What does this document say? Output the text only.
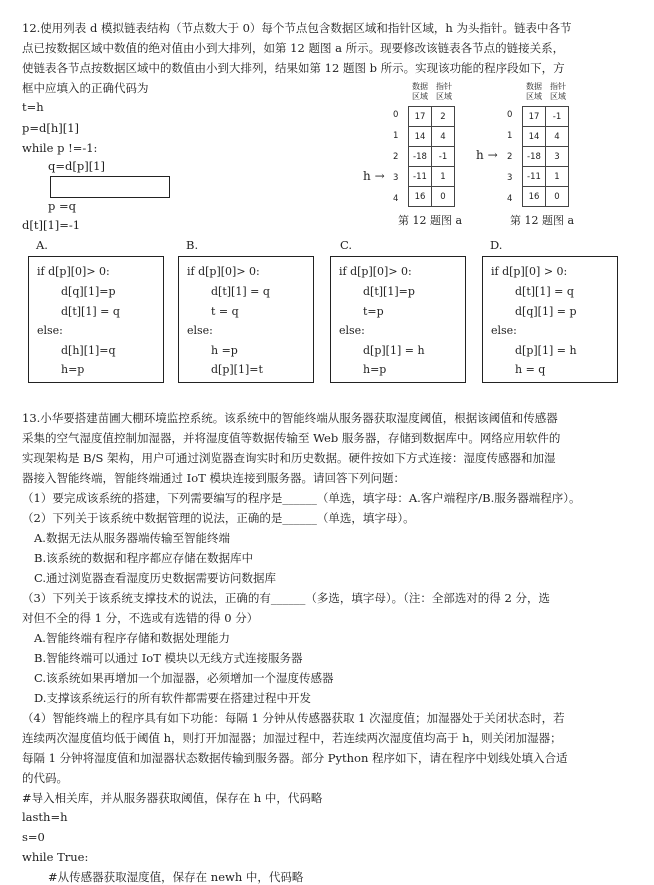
12.使用列表 d 模拟链表结构（节点数大于 0）每个节点包含数据区域和指针区域，h 为头指针。链表中各节
点已按数据区域中数值的绝对值由小到大排列，如第 12 题图 a 所示。现要修改该链表各节点的链接关系，
使链表各节点按数据区域中的数值由小到大排列，结果如第 12 题图 b 所示。实现该功能的程序段如下，方
框中应填入的正确代码为
t=h
p=d[h][1]
while p !=-1:
q=d[p][1]
p =q
d[t][1]=-1
数据
区域
指针
区域
17	2
14	4
-18	-1
-11	1
16	0
0
1
2
3
4
h →
第 12 题图 a
数据
区域
指针
区域
17	-1
14	4
-18	3
-11	1
16	0
0
1
2
3
4
h →
第 12 题图 a
A.	B.	C.	D.
if d[p][0]> 0:
d[q][1]=p
d[t][1] = q
else:
d[h][1]=q
h=p
if d[p][0]> 0:
d[t][1] = q
t = q
else:
h =p
d[p][1]=t
if d[p][0]> 0:
d[t][1]=p
t=p
else:
d[p][1] = h
h=p
if d[p][0] > 0:
d[t][1] = q
d[q][1] = p
else:
d[p][1] = h
h = q
13.小华要搭建苗圃大棚环境监控系统。该系统中的智能终端从服务器获取湿度阈值，根据该阈值和传感器
采集的空气湿度值控制加湿器，并将湿度值等数据传输至 Web 服务器，存储到数据库中。网络应用软件的
实现架构是 B/S 架构，用户可通过浏览器查询实时和历史数据。硬件按如下方式连接：湿度传感器和加湿
器接入智能终端，智能终端通过 IoT 模块连接到服务器。请回答下列问题：
（1）要完成该系统的搭建，下列需要编写的程序是______（单选，填字母：A.客户端程序/B.服务器端程序）。
（2）下列关于该系统中数据管理的说法，正确的是______（单选，填字母）。
A.数据无法从服务器端传输至智能终端
B.该系统的数据和程序都应存储在数据库中
C.通过浏览器查看湿度历史数据需要访问数据库
（3）下列关于该系统支撑技术的说法，正确的有______（多选，填字母）。（注：全部选对的得 2 分，选
对但不全的得 1 分，不选或有选错的得 0 分）
A.智能终端有程序存储和数据处理能力
B.智能终端可以通过 IoT 模块以无线方式连接服务器
C.该系统如果再增加一个加湿器，必须增加一个湿度传感器
D.支撑该系统运行的所有软件都需要在搭建过程中开发
（4）智能终端上的程序具有如下功能：每隔 1 分钟从传感器获取 1 次湿度值；加湿器处于关闭状态时，若
连续两次湿度值均低于阈值 h，则打开加湿器；加湿过程中，若连续两次湿度值均高于 h，则关闭加湿器；
每隔 1 分钟将湿度值和加湿器状态数据传输到服务器。部分 Python 程序如下，请在程序中划线处填入合适
的代码。
#导入相关库，并从服务器获取阈值，保存在 h 中，代码略
lasth=h
s=0
while True:
#从传感器获取湿度值，保存在 newh 中，代码略
